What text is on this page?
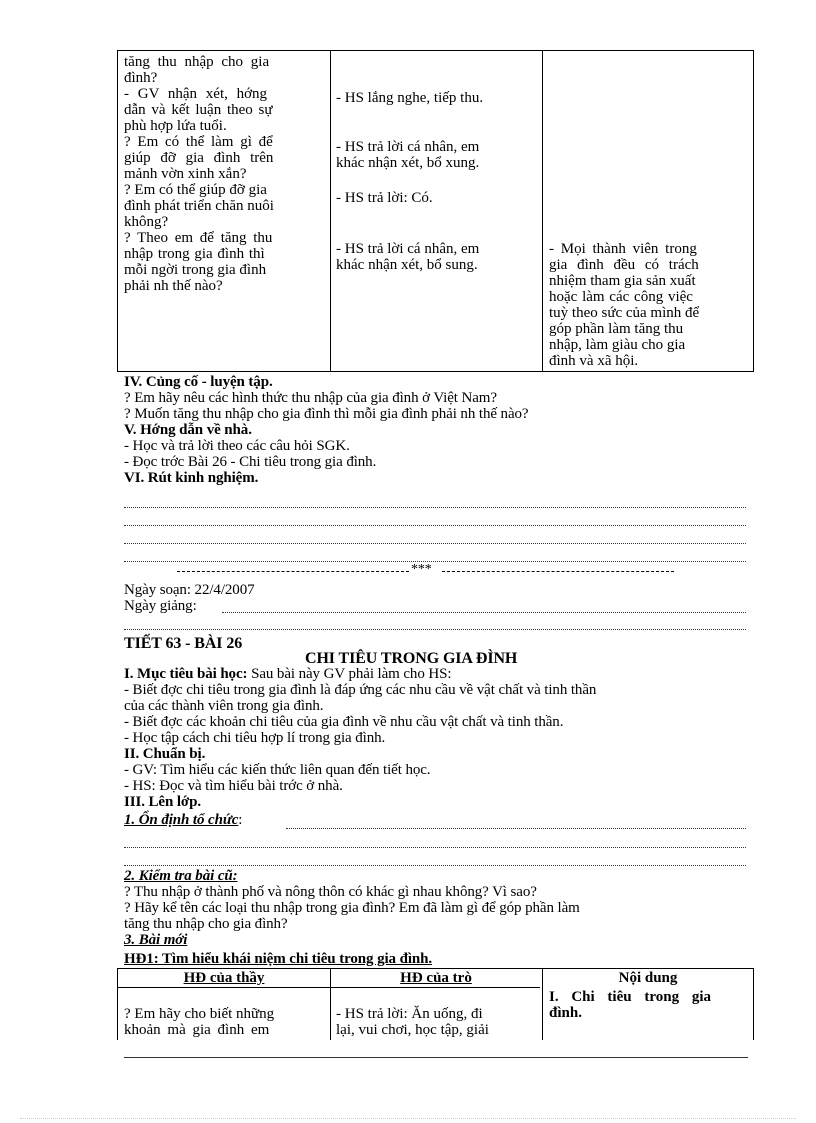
tăng thu nhập cho gia
đình?
- GV nhận xét, hớng
dẫn và kết luận theo sự
phù hợp lứa tuổi.
? Em có thể làm gì để
giúp đỡ gia đình trên
mảnh vờn xinh xắn?
? Em có thể giúp đỡ gia
đình phát triển chăn nuôi
không?
? Theo em để tăng thu
nhập trong gia đình thì
mỗi ngời trong gia đình
phải nh thế nào?
- HS lắng nghe, tiếp thu.
- HS trả lời cá nhân, em
khác nhận xét, bổ xung.
- HS trả lời: Có.
- HS trả lời cá nhân, em
khác nhận xét, bổ sung.
- Mọi thành viên trong
gia đình đều có trách
nhiệm tham gia sản xuất
hoặc làm các công việc
tuỳ theo sức của mình để
góp phần làm tăng thu
nhập, làm giàu cho gia
đình và xã hội.
IV. Củng cố - luyện tập.
? Em hãy nêu các hình thức thu nhập của gia đình ở Việt Nam?
? Muốn tăng thu nhập cho gia đình thì mỗi gia đình phải nh thế nào?
V. Hớng dẫn về nhà.
- Học và trả lời theo các câu hỏi SGK.
- Đọc trớc Bài 26 - Chi tiêu trong gia đình.
VI. Rút kinh nghiệm.
***
Ngày soạn: 22/4/2007
Ngày giảng:
TIẾT 63 - BÀI 26
CHI TIÊU TRONG GIA ĐÌNH
I. Mục tiêu bài học: Sau bài này GV phải làm cho HS:
- Biết đợc chi tiêu trong gia đình là đáp ứng các nhu cầu về vật chất và tinh thần
của các thành viên trong gia đình.
- Biết đợc các khoản chi tiêu của gia đình về nhu cầu vật chất và tinh thần.
- Học tập cách chi tiêu hợp lí trong gia đình.
II. Chuẩn bị.
- GV: Tìm hiểu các kiến thức liên quan đến tiết học.
- HS: Đọc và tìm hiểu bài trớc ở nhà.
III. Lên lớp.
1. Ổn định tổ chức:
2. Kiểm tra bài cũ:
? Thu nhập ở thành phố và nông thôn có khác gì nhau không? Vì sao?
? Hãy kể tên các loại thu nhập trong gia đình? Em đã làm gì để góp phần làm
tăng thu nhập cho gia đình?
3. Bài mới
HĐ1: Tìm hiểu khái niệm chi tiêu trong gia đình.
HĐ của thầy	HĐ của trò	Nội dung
? Em hãy cho biết những
khoản mà gia đình em
- HS trả lời: Ăn uống, đi
lại, vui chơi, học tập, giải
I. Chi tiêu trong gia
đình.
